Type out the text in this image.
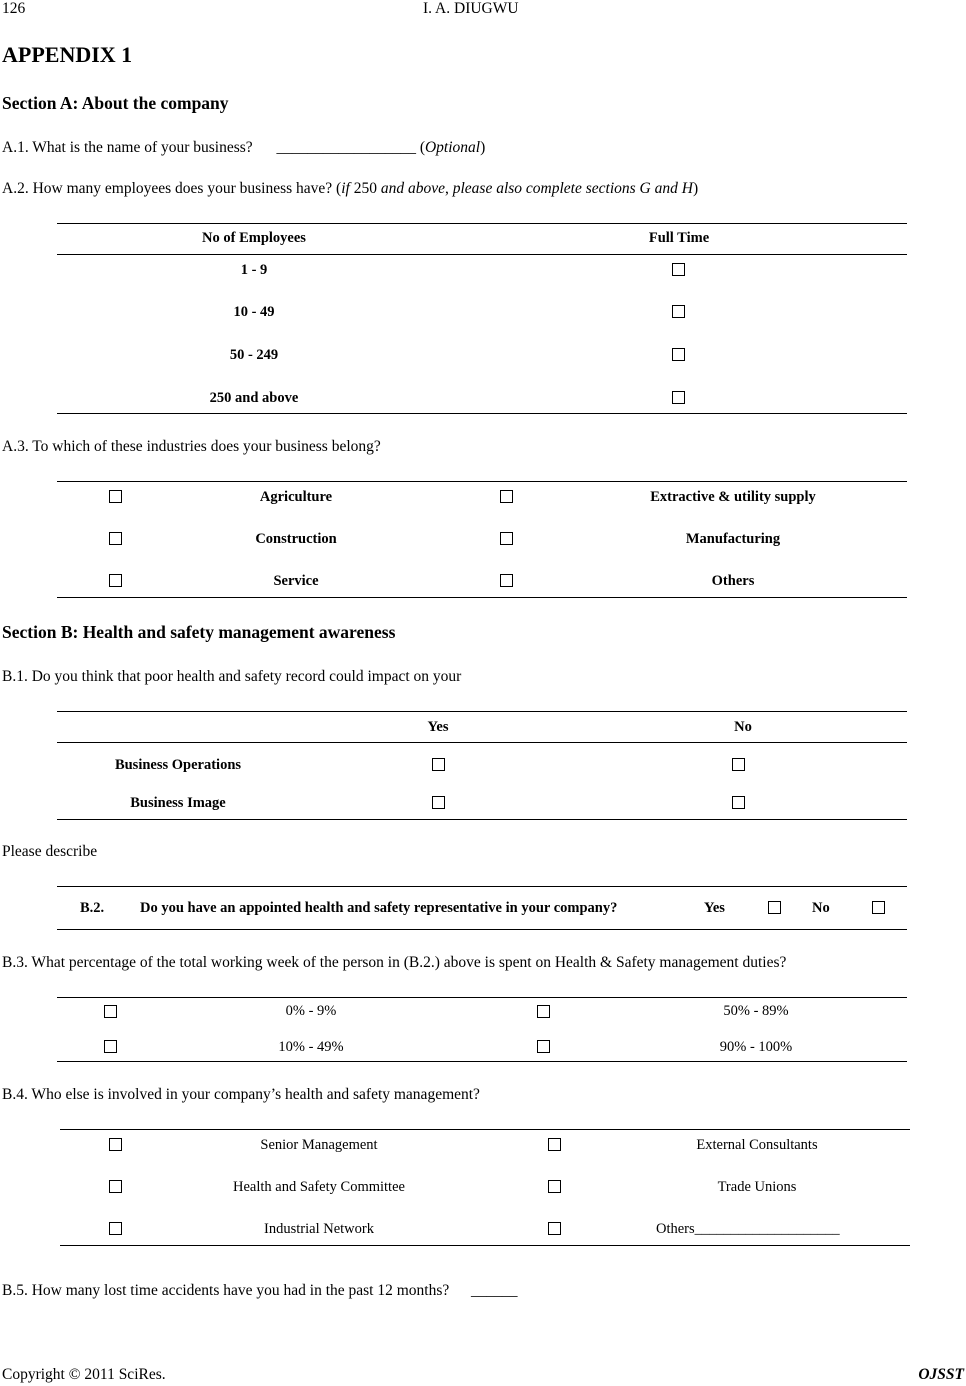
126	I. A. DIUGWU
APPENDIX 1
Section A: About the company
A.1. What is the name of your business? __________________ (Optional)
A.2. How many employees does your business have? (if 250 and above, please also complete sections G and H)
No of Employees	Full Time
1 - 9
10 - 49
50 - 249
250 and above
A.3. To which of these industries does your business belong?
Agriculture	Extractive & utility supply
Construction	Manufacturing
Service	Others
Section B: Health and safety management awareness
B.1. Do you think that poor health and safety record could impact on your
Yes	No
Business Operations
Business Image
Please describe
B.2. Do you have an appointed health and safety representative in your company?	Yes	No
B.3. What percentage of the total working week of the person in (B.2.) above is spent on Health & Safety management duties?
0% - 9%	50% - 89%
10% - 49%	90% - 100%
B.4. Who else is involved in your company’s health and safety management?
Senior Management	External Consultants
Health and Safety Committee	Trade Unions
Industrial Network	Others____________________
B.5. How many lost time accidents have you had in the past 12 months? ______
Copyright © 2011 SciRes.	OJSST
